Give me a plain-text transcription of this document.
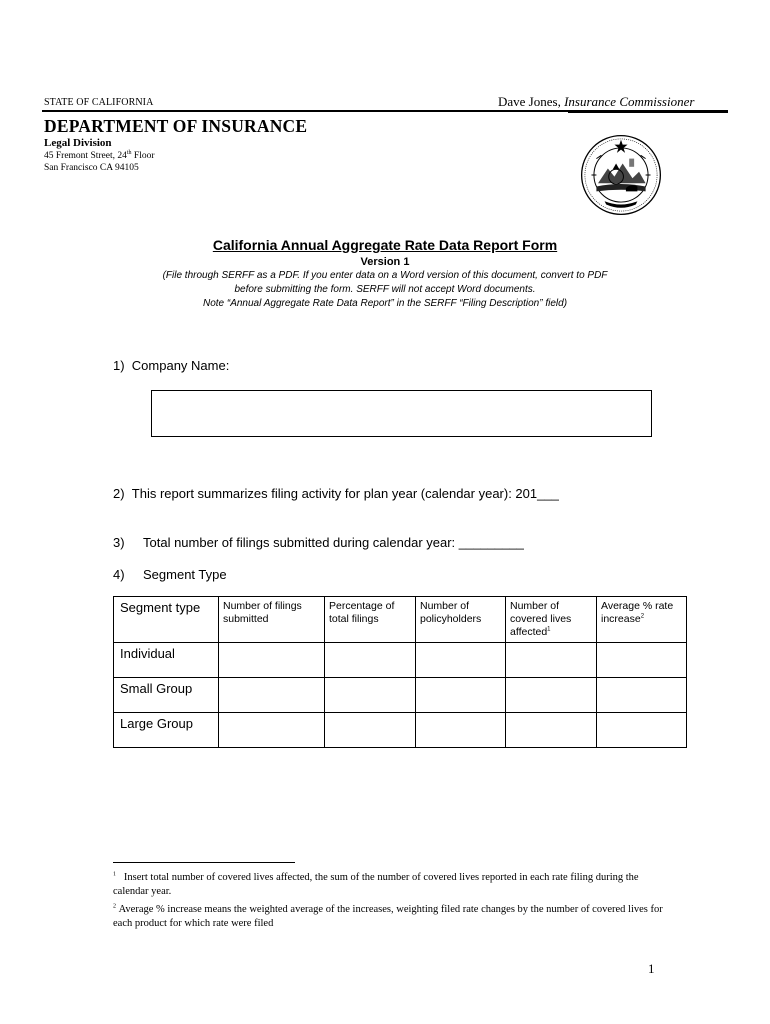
STATE OF CALIFORNIA	Dave Jones, Insurance Commissioner
DEPARTMENT OF INSURANCE
Legal Division
45 Fremont Street, 24th Floor
San Francisco CA 94105
California Annual Aggregate Rate Data Report Form
Version 1
(File through SERFF as a PDF. If you enter data on a Word version of this document, convert to PDF
before submitting the form. SERFF will not accept Word documents.
Note “Annual Aggregate Rate Data Report” in the SERFF “Filing Description” field)
1) Company Name:
2) This report summarizes filing activity for plan year (calendar year): 201___
3) Total number of filings submitted during calendar year: _________
4) Segment Type
Segment type	Number of filings submitted	Percentage of total filings	Number of policyholders	Number of covered lives affected$^1$	Average % rate increase$^2$
Individual					
Small Group					
Large Group					
$^1$ Insert total number of covered lives affected, the sum of the number of covered lives reported in each rate filing during the calendar year.
$^2$ Average % increase means the weighted average of the increases, weighting filed rate changes by the number of covered lives for each product for which rate were filed
1
